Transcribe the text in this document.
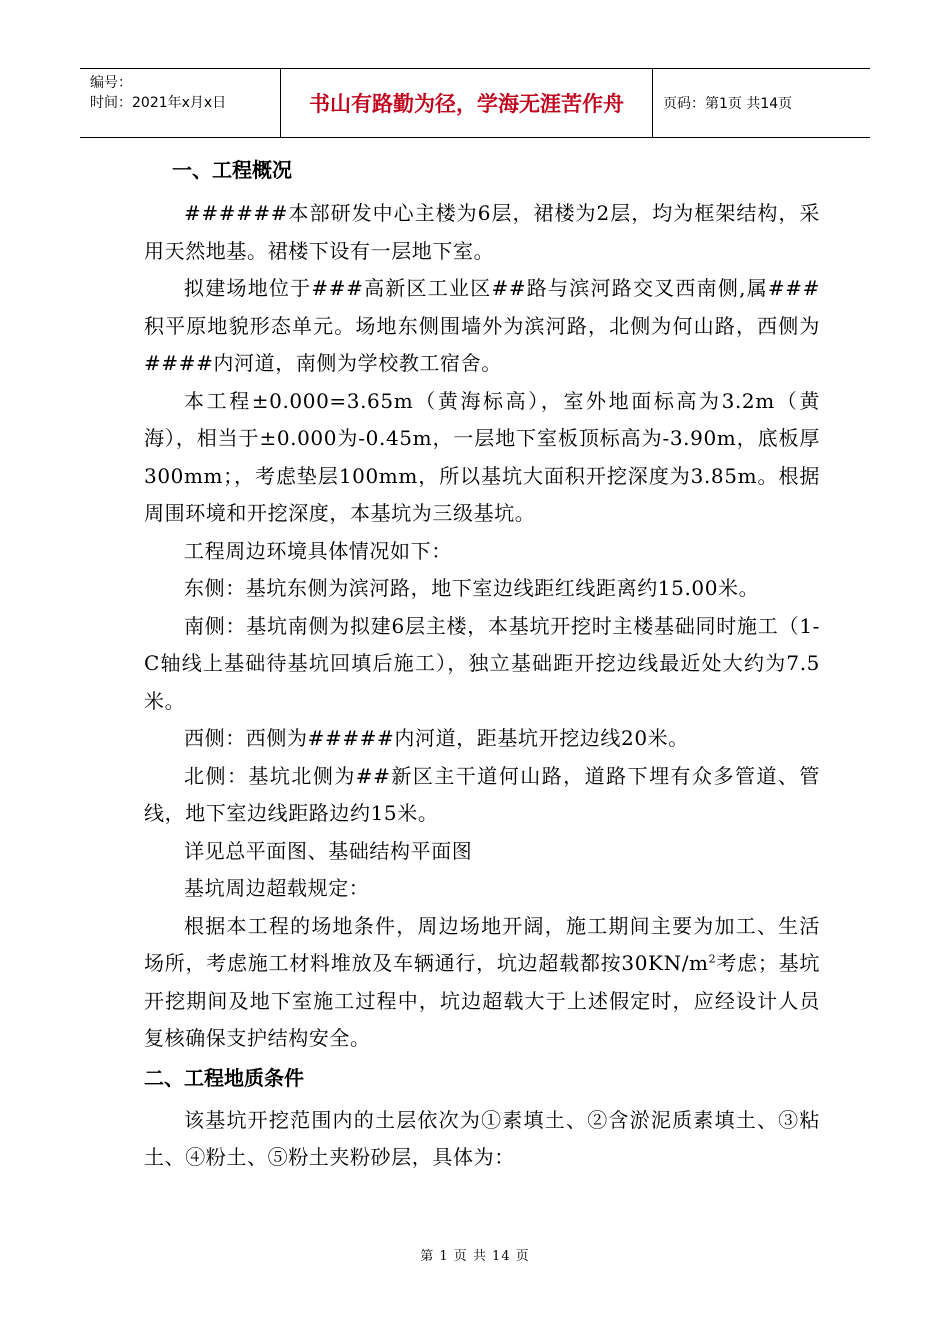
编号：
时间：2021年x月x日	书山有路勤为径，学海无涯苦作舟	页码：第1页 共14页
一、工程概况

######本部研发中心主楼为6层，裙楼为2层，均为框架结构，采用天然地基。裙楼下设有一层地下室。

拟建场地位于###高新区工业区##路与滨河路交叉西南侧,属###积平原地貌形态单元。场地东侧围墙外为滨河路，北侧为何山路，西侧为####内河道，南侧为学校教工宿舍。

本工程±0.000=3.65m（黄海标高），室外地面标高为3.2m（黄海），相当于±0.000为-0.45m，一层地下室板顶标高为-3.90m，底板厚300mm；，考虑垫层100mm，所以基坑大面积开挖深度为3.85m。根据周围环境和开挖深度，本基坑为三级基坑。

工程周边环境具体情况如下：

东侧：基坑东侧为滨河路，地下室边线距红线距离约15.00米。

南侧：基坑南侧为拟建6层主楼，本基坑开挖时主楼基础同时施工（1-C轴线上基础待基坑回填后施工），独立基础距开挖边线最近处大约为7.5米。

西侧：西侧为#####内河道，距基坑开挖边线20米。

北侧：基坑北侧为##新区主干道何山路，道路下埋有众多管道、管线，地下室边线距路边约15米。

详见总平面图、基础结构平面图

基坑周边超载规定：

根据本工程的场地条件，周边场地开阔，施工期间主要为加工、生活场所，考虑施工材料堆放及车辆通行，坑边超载都按$30KN/m^2$考虑；基坑开挖期间及地下室施工过程中，坑边超载大于上述假定时，应经设计人员复核确保支护结构安全。

二、工程地质条件

该基坑开挖范围内的土层依次为①素填土、②含淤泥质素填土、③粘土、④粉土、⑤粉土夹粉砂层，具体为：

第 1 页 共 14 页
